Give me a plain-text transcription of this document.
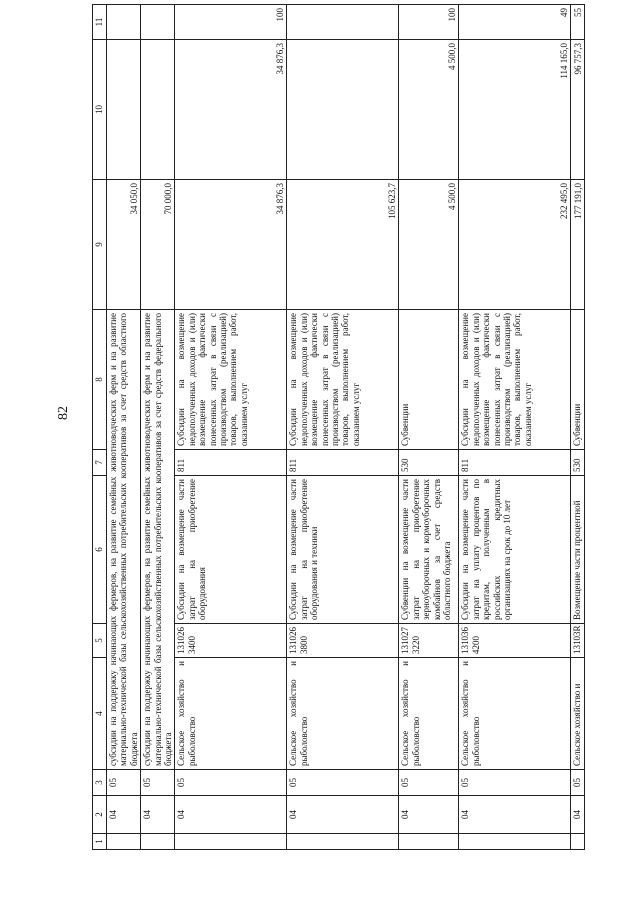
82
1	2	3	4	5	6	7	8	9	10	11
	04	05	субсидии на поддержку начинающих фермеров, на развитие семейных животноводческих ферм и на развитие материально-технической базы сельскохозяйственных потребительских кооперативов за счет средств областного бюджета					34 050,0		
	04	05	субсидии на поддержку начинающих фермеров, на развитие семейных животноводческих ферм и на развитие материально-технической базы сельскохозяйственных потребительских кооперативов за счет средств федерального бюджета					70 000,0		
	04	05	Сельское хозяйство и рыболовство	131026 3400	Субсидии на возмещение части затрат на приобретение оборудования	811	Субсидии на возмещение недополученных доходов и (или) возмещение фактически понесенных затрат в связи с производством (реализацией) товаров, выполнением работ, оказанием услуг	34 876,3	34 876,3	100
	04	05	Сельское хозяйство и рыболовство	131026 3800	Субсидии на возмещение части затрат на приобретение оборудования и техники	811	Субсидии на возмещение недополученных доходов и (или) возмещение фактически понесенных затрат в связи с производством (реализацией) товаров, выполнением работ, оказанием услуг	105 623,7		
	04	05	Сельское хозяйство и рыболовство	131027 3220	Субвенции на возмещение части затрат на приобретение зерноуборочных и кормоуборочных комбайнов за счет средств областного бюджета	530	Субвенции	4 500,0	4 500,0	100
	04	05	Сельское хозяйство и рыболовство	131036 4200	Субсидии на возмещение части затрат на уплату процентов по кредитам, полученным в российских кредитных организациях на срок до 10 лет	811	Субсидии на возмещение недополученных доходов и (или) возмещение фактически понесенных затрат в связи с производством (реализацией) товаров, выполнением работ, оказанием услуг	232 495,0	114 165,0	49
	04	05	Сельское хозяйство и	13103R	Возмещение части процентной	530	Субвенции	177 191,0	96 757,3	55
